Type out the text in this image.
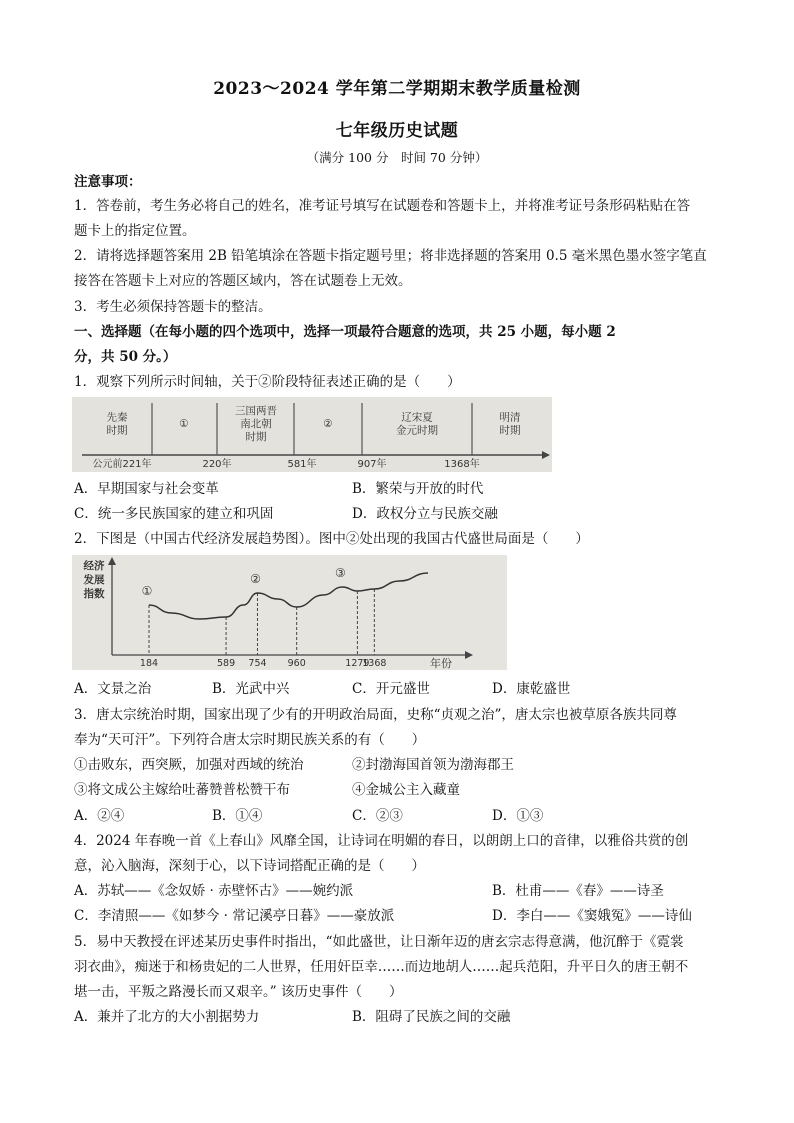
2023～2024 学年第二学期期末教学质量检测
七年级历史试题
（满分 100 分　时间 70 分钟）
注意事项：
1．答卷前，考生务必将自己的姓名，准考证号填写在试题卷和答题卡上，并将准考证号条形码粘贴在答
题卡上的指定位置。
2．请将选择题答案用 2B 铅笔填涂在答题卡指定题号里；将非选择题的答案用 0.5 毫米黑色墨水签字笔直
接答在答题卡上对应的答题区域内，答在试题卷上无效。
3．考生必须保持答题卡的整洁。
一、选择题（在每小题的四个选项中，选择一项最符合题意的选项，共 25 小题，每小题 2
分，共 50 分。）
1．观察下列所示时间轴，关于②阶段特征表述正确的是（　　）
先秦时期
①
三国两晋南北朝时期
②
辽宋夏金元时期
明清时期
公元前221年	220年	581年	907年	1368年
A．早期国家与社会变革	B．繁荣与开放的时代
C．统一多民族国家的建立和巩固	D．政权分立与民族交融
2．下图是（中国古代经济发展趋势图）。图中②处出现的我国古代盛世局面是（　　）
经济发展指数	①
②	③
184	589 754 960	1279
1368	年份
A．文景之治	B．光武中兴	C．开元盛世	D．康乾盛世
3．唐太宗统治时期，国家出现了少有的开明政治局面，史称“贞观之治”，唐太宗也被草原各族共同尊
奉为“天可汗”。下列符合唐太宗时期民族关系的有（　　）
①击败东，西突厥，加强对西域的统治	②封渤海国首领为渤海郡王
③将文成公主嫁给吐蕃赞普松赞干布	④金城公主入藏童
A．②④	B．①④	C．②③	D．①③
4．2024 年春晚一首《上春山》风靡全国，让诗词在明媚的春日，以朗朗上口的音律，以雅俗共赏的创
意，沁入脑海，深刻于心，以下诗词搭配正确的是（　　）
A．苏轼——《念奴娇 · 赤壁怀古》——婉约派	B．杜甫——《春》——诗圣
C．李清照——《如梦今 · 常记溪亭日暮》——豪放派	D．李白——《窦娥冤》——诗仙
5．易中天教授在评述某历史事件时指出，“如此盛世，让日渐年迈的唐玄宗志得意满，他沉醉于《霓裳
羽衣曲》，痴迷于和杨贵妃的二人世界，任用奸臣幸……而边地胡人……起兵范阳，升平日久的唐王朝不
堪一击，平叛之路漫长而又艰辛。” 该历史事件（　　）
A．兼并了北方的大小割据势力	B．阻碍了民族之间的交融
